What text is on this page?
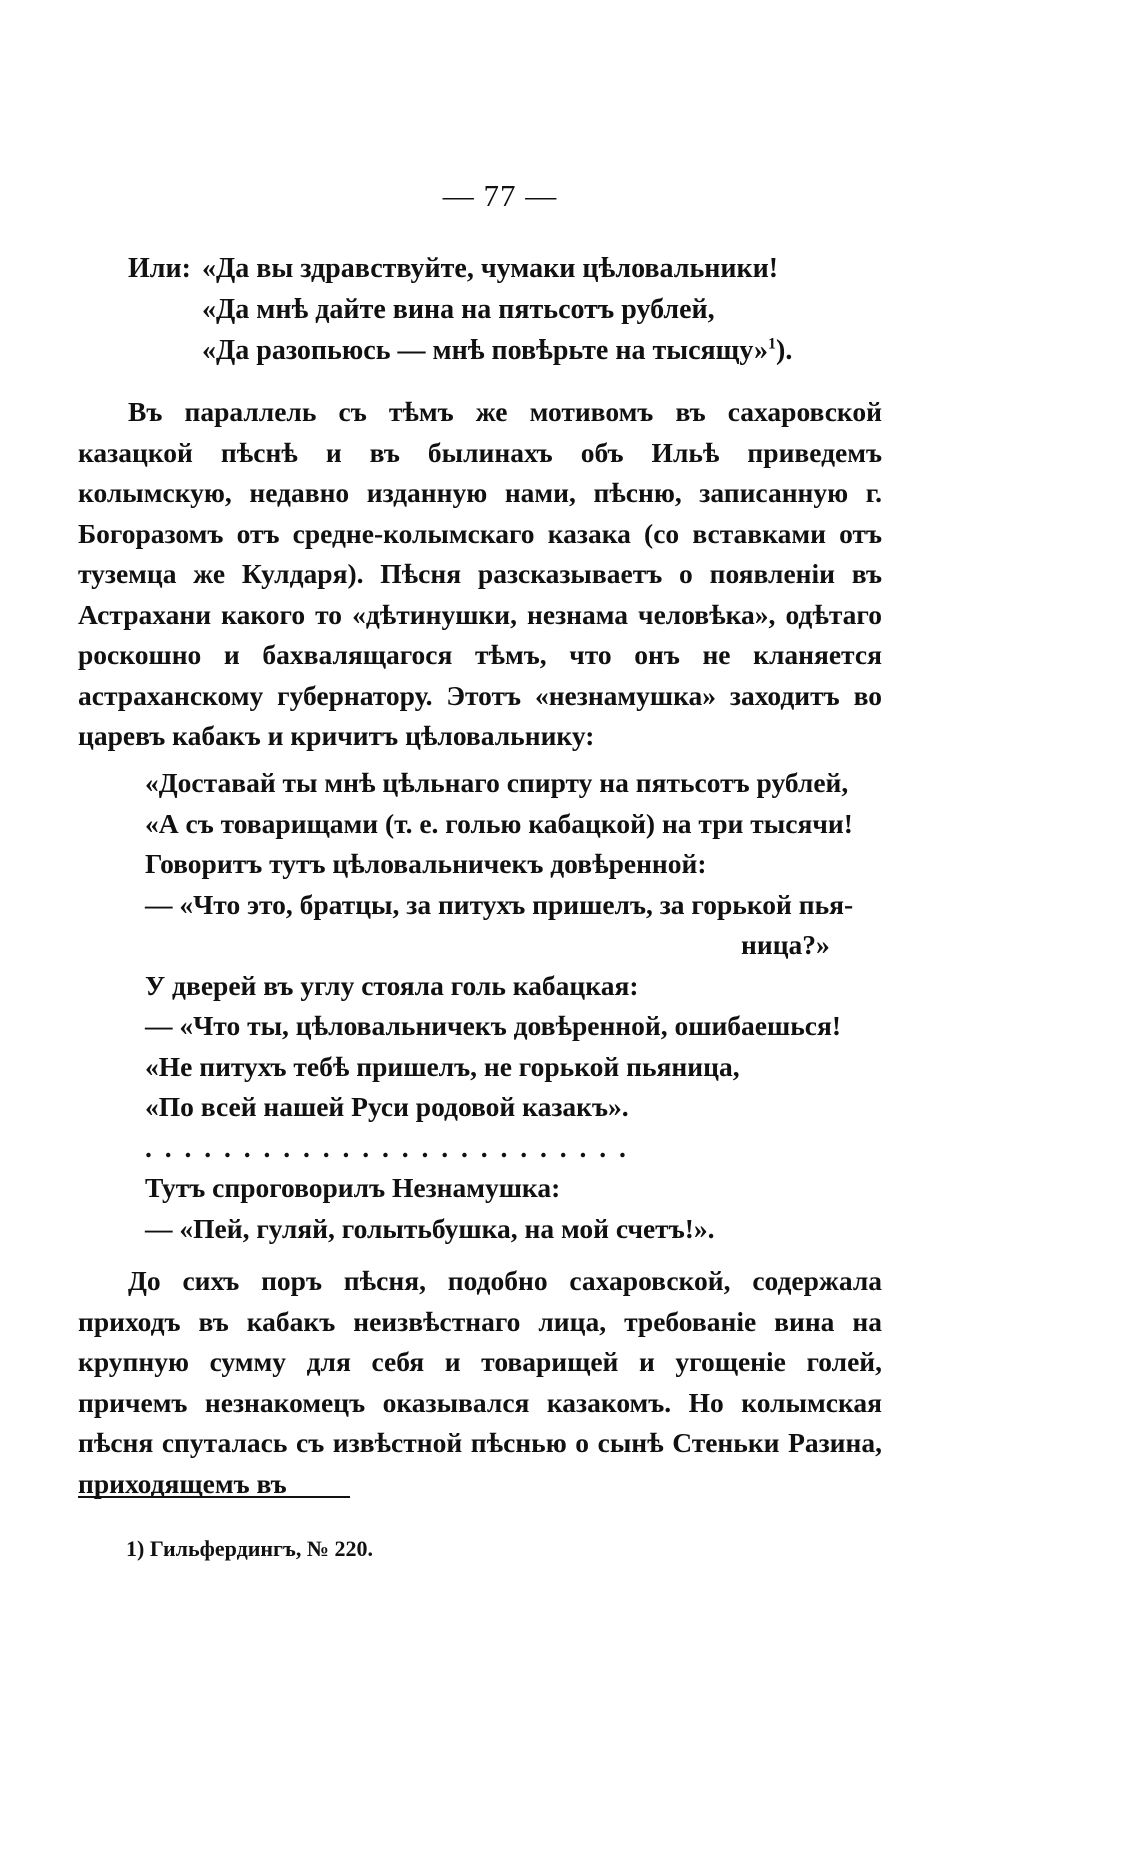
— 77 —
Или: «Да вы здравствуйте, чумаки цѣловальники!
«Да мнѣ дайте вина на пятьсотъ рублей,
«Да разопьюсь — мнѣ повѣрьте на тысящу»$^1$).

Въ параллель съ тѣмъ же мотивомъ въ сахаровской казацкой пѣснѣ и въ былинахъ объ Ильѣ приведемъ колымскую, недавно изданную нами, пѣсню, записанную г. Богоразомъ отъ средне-колымскаго казака (со вставками отъ туземца же Кулдаря). Пѣсня разсказываетъ о появленiи въ Астрахани какого то «дѣтинушки, незнама человѣка», одѣтаго роскошно и бахвалящагося тѣмъ, что онъ не кланяется астраханскому губернатору. Этотъ «незнамушка» заходитъ во царевъ кабакъ и кричитъ цѣловальнику:

«Доставай ты мнѣ цѣльнаго спирту на пятьсотъ рублей,
«А съ товарищами (т. е. голью кабацкой) на три тысячи!
Говоритъ тутъ цѣловальничекъ довѣренной:
— «Что это, братцы, за питухъ пришелъ, за горькой пья-
ница?»
У дверей въ углу стояла голь кабацкая:
— «Что ты, цѣловальничекъ довѣренной, ошибаешься!
«Не питухъ тебѣ пришелъ, не горькой пьяница,
«По всей нашей Руси родовой казакъ».
. . . . . . . . . . . . . . . . . . . . . . . . .
Тутъ спроговорилъ Незнамушка:
— «Пей, гуляй, голытьбушка, на мой счетъ!».

До сихъ поръ пѣсня, подобно сахаровской, содержала приходъ въ кабакъ неизвѣстнаго лица, требованiе вина на крупную сумму для себя и товарищей и угощенiе голей, причемъ незнакомецъ оказывался казакомъ. Но колымская пѣсня спуталась съ извѣстной пѣснью о сынѣ Стеньки Разина, приходящемъ въ

1) Гильфердингъ, № 220.
